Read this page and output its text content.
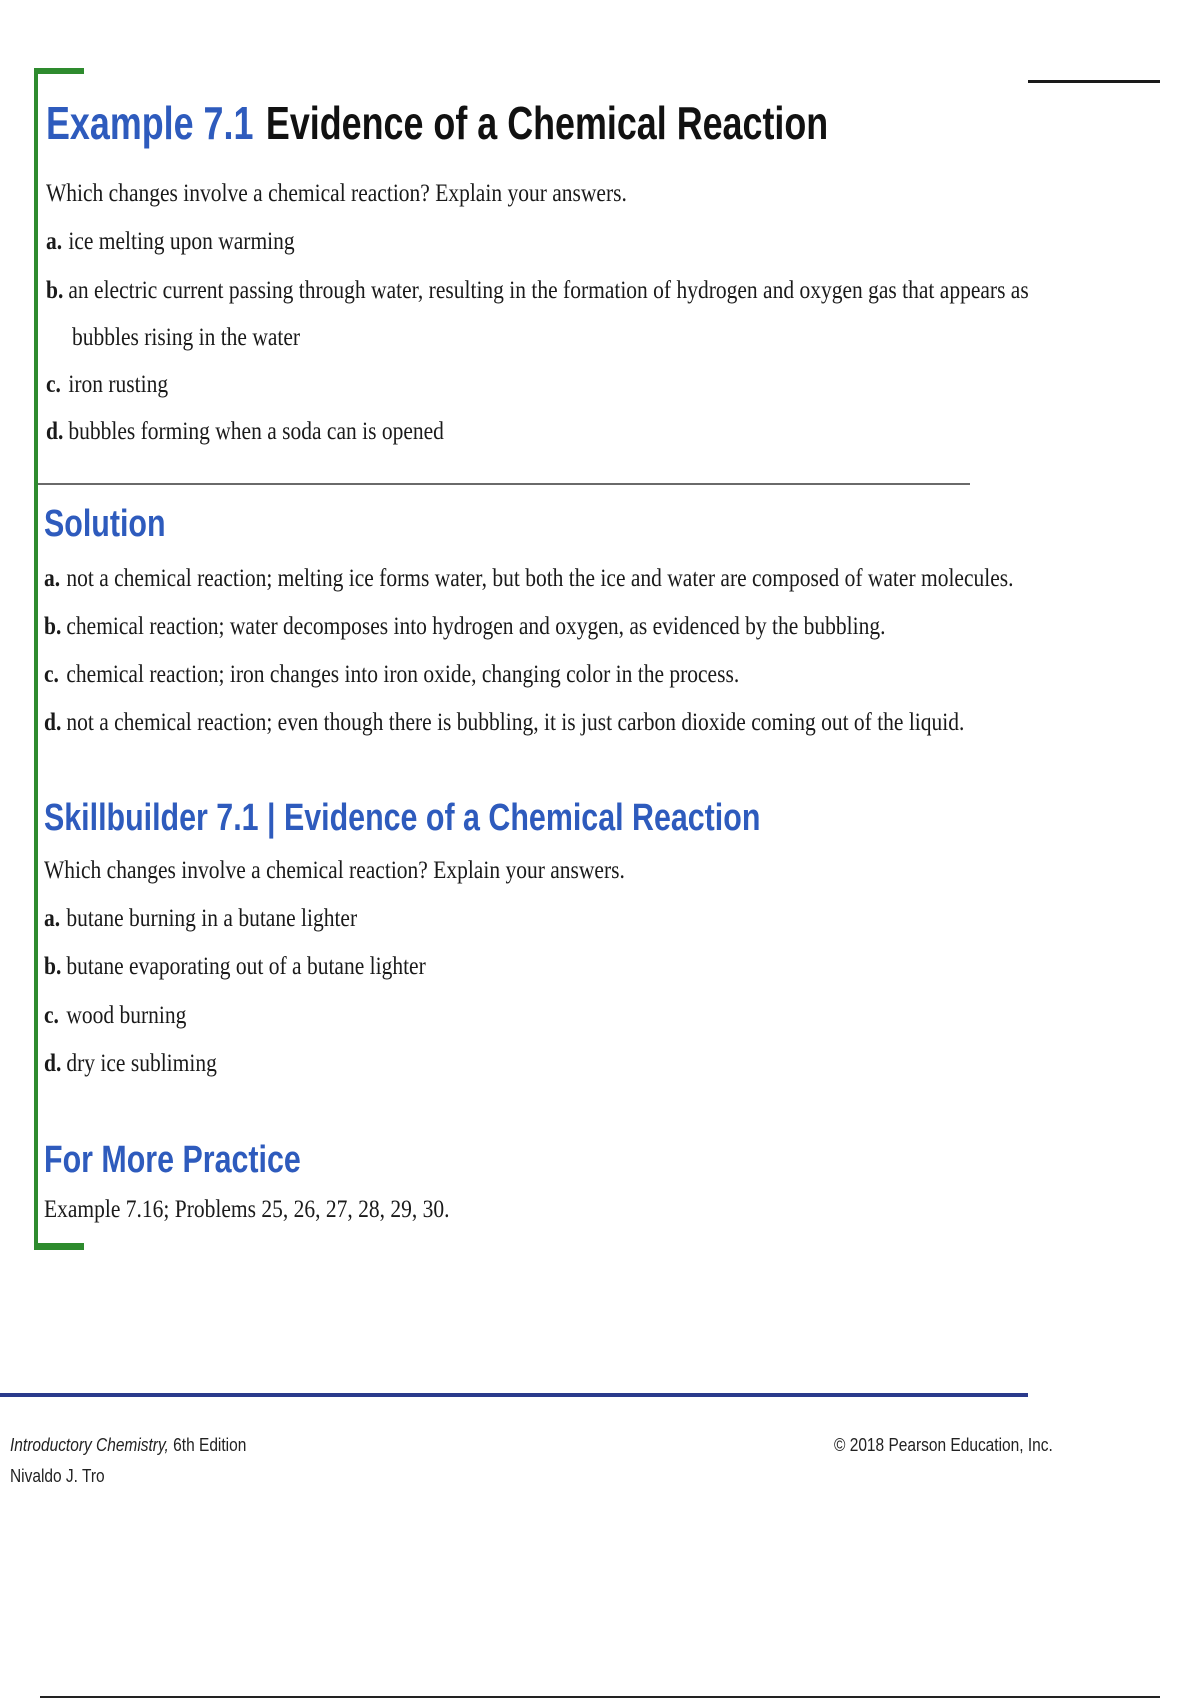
Example 7.1 Evidence of a Chemical Reaction
Which changes involve a chemical reaction? Explain your answers.
a. ice melting upon warming
b. an electric current passing through water, resulting in the formation of hydrogen and oxygen gas that appears as
bubbles rising in the water
c. iron rusting
d. bubbles forming when a soda can is opened
Solution
a. not a chemical reaction; melting ice forms water, but both the ice and water are composed of water molecules.
b. chemical reaction; water decomposes into hydrogen and oxygen, as evidenced by the bubbling.
c. chemical reaction; iron changes into iron oxide, changing color in the process.
d. not a chemical reaction; even though there is bubbling, it is just carbon dioxide coming out of the liquid.
Skillbuilder 7.1 | Evidence of a Chemical Reaction
Which changes involve a chemical reaction? Explain your answers.
a. butane burning in a butane lighter
b. butane evaporating out of a butane lighter
c. wood burning
d. dry ice subliming
For More Practice
Example 7.16; Problems 25, 26, 27, 28, 29, 30.
Introductory Chemistry, 6th Edition
Nivaldo J. Tro
© 2018 Pearson Education, Inc.
